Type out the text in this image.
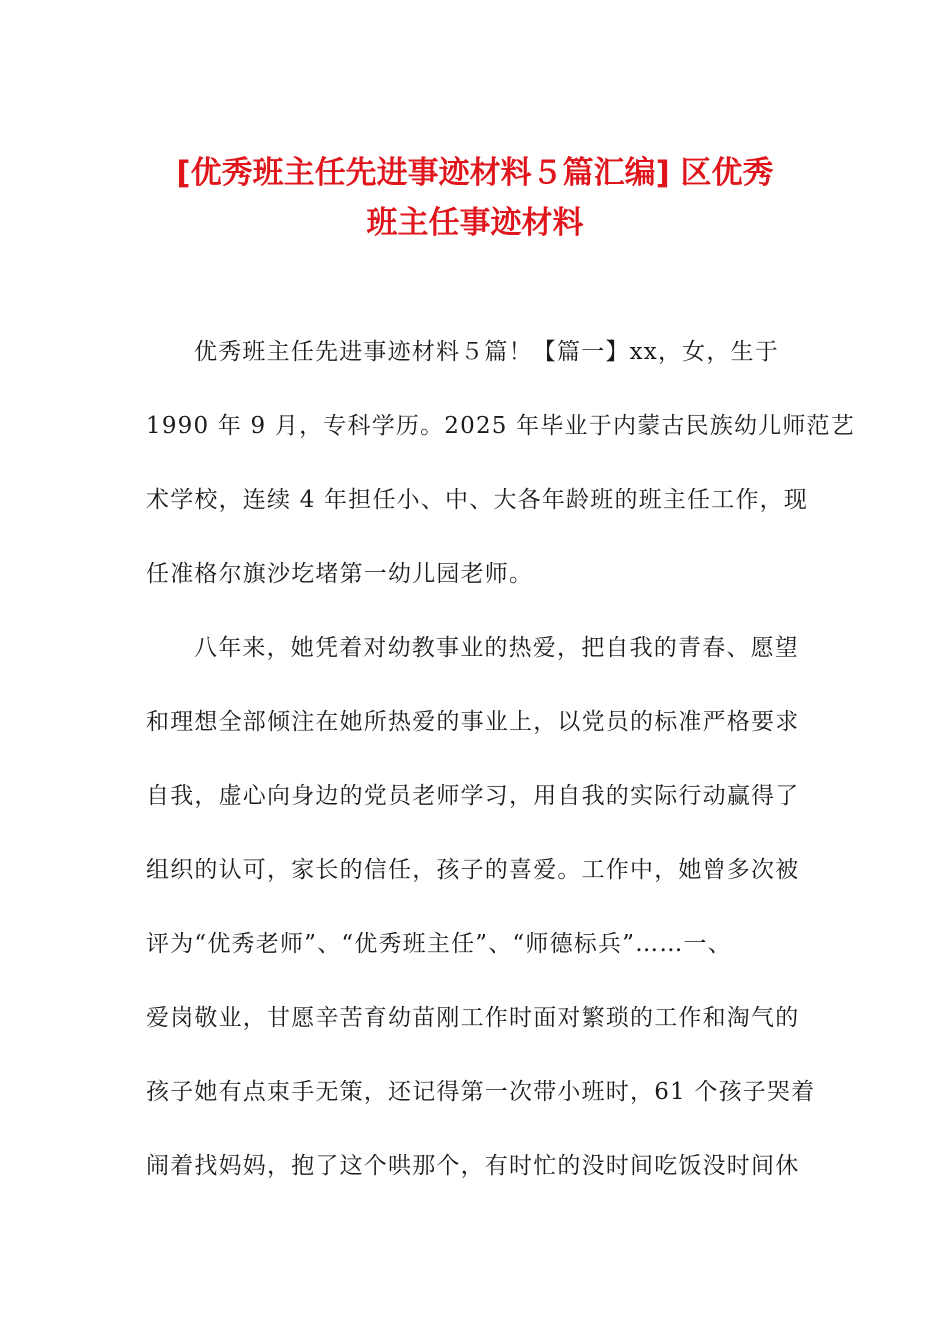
[优秀班主任先进事迹材料５篇汇编] 区优秀
班主任事迹材料
优秀班主任先进事迹材料５篇！【篇一】xx，女，生于
1990 年 9 月，专科学历。2025 年毕业于内蒙古民族幼儿师范艺
术学校，连续 4 年担任小、中、大各年龄班的班主任工作，现
任准格尔旗沙圪堵第一幼儿园老师。
八年来，她凭着对幼教事业的热爱，把自我的青春、愿望
和理想全部倾注在她所热爱的事业上，以党员的标准严格要求
自我，虚心向身边的党员老师学习，用自我的实际行动赢得了
组织的认可，家长的信任，孩子的喜爱。工作中，她曾多次被
评为“优秀老师”、“优秀班主任”、“师德标兵”……一、
爱岗敬业，甘愿辛苦育幼苗刚工作时面对繁琐的工作和淘气的
孩子她有点束手无策，还记得第一次带小班时，61 个孩子哭着
闹着找妈妈，抱了这个哄那个，有时忙的没时间吃饭没时间休
